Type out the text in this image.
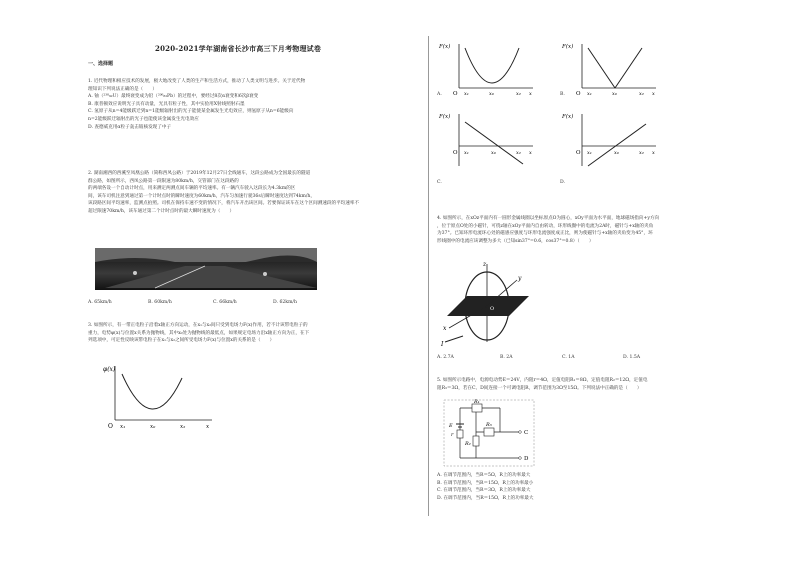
2020-2021学年湖南省长沙市高三下月考物理试卷
一、选择题
1. 近代物理和相应技术的发展，极大地改变了人类的生产和生活方式，推动了人类文明与进步。关于近代物
理知识下列说法正确的是（　　）
A. 铀（²³⁸₉₂U）最终衰变成为铅（²⁰⁶₈₂Pb）的过程中，要经过8次α衰变和6次β衰变
B. 康普顿效应说明光子具有动量，光具有粒子性，其中实验用X射线照射石墨
C. 氢原子从n=4能级跃迁到n=1能级辐射出的光子能使某金属发生光电效应，则氢原子从n=6能级向
n=2能级跃迁辐射出的光子也能使该金属发生光电效应
D. 查德威克用α粒子轰击铍核发现了中子
2. 湖南湘西的西溪至凤凰公路（简称西凤公路）于2019年12月27日全线通车，这段公路成为全国最长的隧道
群公路，如图所示，西凤公路第一段限速为80km/h，交管部门在这段路的
的两端各设一个自动计时点，用来测定两测点间车辆的平均速率。有一辆汽车驶入这段长为4.3km的区
间，该车司机注意到通过第一个计时点时的瞬时速度为60km/h，汽车匀加速行驶36s后瞬时速度达到74km/h，
该段路区间平均速率，监测点拍照。司机在保持车速不变的情况下，将汽车开出该区间。若要保证该车在这个区间测速段的平均速率不
超过限速70km/h，该车通过第二个计时点时的最大瞬时速度为（　　）
A. 65km/h	B. 60km/h	C. 66km/h	D. 62km/h
3. 如图所示，有一带正电粒子沿着x轴正方向运动，在x₁与x₂间只受到电场力F(x)作用，若不计该带电粒子的
重力，电势φ(x)与位置x关系为抛物线，其中x₀处为抛物线的最低点，如果规定电场力沿x轴正方向为正，在下
列选项中，可定性反映该带电粒子在x₁与x₂之间所受电场力F(x)与位置x的关系的是（　　）
φ(x)
O x₁	x₀	x₂	x
F(x)
O x₁	x₀	x₂ x
A.
F(x)
O x₁	x₀	x₂ x
B.
F(x)
O x₁	x₀	x₂ x
C.
F(x)
O x₁	x₀	x₂ x
D.
4. 如图所示，在xOz平面内有一圆形金属线圈以坐标原点O为圆心，xOy平面为水平面，地球磁场指向+y方向
，位于原点O处的小磁针，可绕z轴在xOy平面内自由转动，环形线圈中的电流为2A时，磁针与+x轴的夹角
为37°。已知环形电流环心处的磁感应强度与环形电流强度成正比，则为使磁针与+x轴的夹角变为45°，环
形线圈中的电流应该调整为多大（已知sin37°=0.6，cos37°=0.8）（　　）
z
y
x
O
I
A. 2.7A	B. 2A	C. 1A	D. 1.5A
5. 如图所示电路中，电源电动势E＝24V，内阻r＝4Ω，定值电阻R₁＝8Ω，定值电阻R₂＝12Ω，定值电
阻R₃＝3Ω，若在C、D间连接一个可调电阻R，调节范围为3Ω至15Ω。下列说法中正确的是（　　）
E
r
R₁
R₂
R₃
C
D
A. 在调节范围内，当R＝5Ω，R上的功率最大
B. 在调节范围内，当R＝15Ω，R上的功率最小
C. 在调节范围内，当R＝3Ω，R上的功率最大
D. 在调节范围内，当R＝15Ω，R上的功率最大
